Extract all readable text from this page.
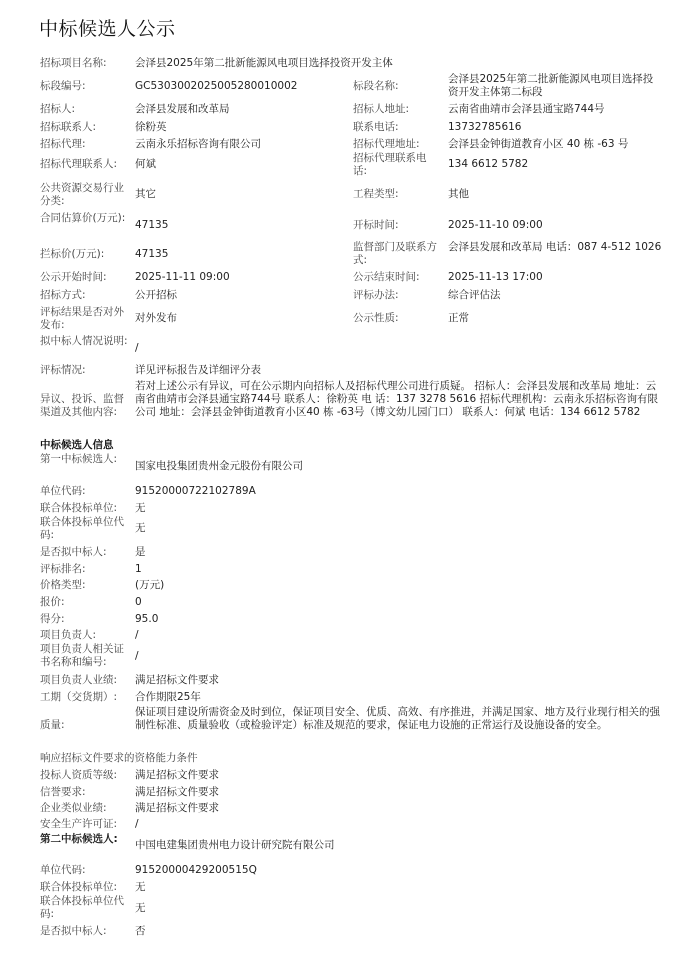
中标候选人公示
招标项目名称:	会泽县2025年第二批新能源风电项目选择投资开发主体
标段编号:	GC5303002025005280010002	标段名称:
会泽县2025年第二批新能源风电项目选择投资开发主体第二标段
招标人:	会泽县发展和改革局	招标人地址:	云南省曲靖市会泽县通宝路744号
招标联系人:	徐粉英	联系电话:	13732785616
招标代理:	云南永乐招标咨询有限公司	招标代理地址:	会泽县金钟街道教育小区 40 栋 -63 号
招标代理联系人: 何斌	招标代理联系电话:
134 6612 5782
公共资源交易行业分类:
其它	工程类型:	其他
合同估算价(万元):
47135	开标时间:	2025-11-10 09:00
拦标价(万元):	47135
监督部门及联系方式:
会泽县发展和改革局 电话：087 4-512 1026
公示开始时间:	2025-11-11 09:00	公示结束时间:	2025-11-13 17:00
招标方式:	公开招标	评标办法:	综合评估法
评标结果是否对外发布:
对外发布	公示性质:	正常
拟中标人情况说明:
/
评标情况:	详见评标报告及详细评分表
异议、投诉、监督渠道及其他内容:
若对上述公示有异议，可在公示期内向招标人及招标代理公司进行质疑。 招标人：会泽县发展和改革局 地址：云南省曲靖市会泽县通宝路744号 联系人：徐粉英 电 话：137 3278 5616 招标代理机构：云南永乐招标咨询有限公司 地址：会泽县金钟街道教育小区40 栋 -63号（博文幼儿园门口） 联系人：何斌 电话：134 6612 5782
中标候选人信息
第一中标候选人:
国家电投集团贵州金元股份有限公司
单位代码:	91520000722102789A
联合体投标单位: 无
联合体投标单位代码:
无
是否拟中标人:	是
评标排名:	1
价格类型:	(万元)
报价:	0
得分:	95.0
项目负责人:	/
项目负责人相关证书名称和编号:	/
项目负责人业绩: 满足招标文件要求
工期（交货期）: 合作期限25年
质量:
保证项目建设所需资金及时到位，保证项目安全、优质、高效、有序推进，并满足国家、地方及行业现行相关的强制性标准、质量验收（或检验评定）标准及规范的要求，保证电力设施的正常运行及设施设备的安全。
响应招标文件要求的资格能力条件
投标人资质等级: 满足招标文件要求
信誉要求:	满足招标文件要求
企业类似业绩:	满足招标文件要求
安全生产许可证: /
第二中标候选人:	中国电建集团贵州电力设计研究院有限公司
单位代码:	91520000429200515Q
联合体投标单位: 无
联合体投标单位代码:	无
是否拟中标人:	否
